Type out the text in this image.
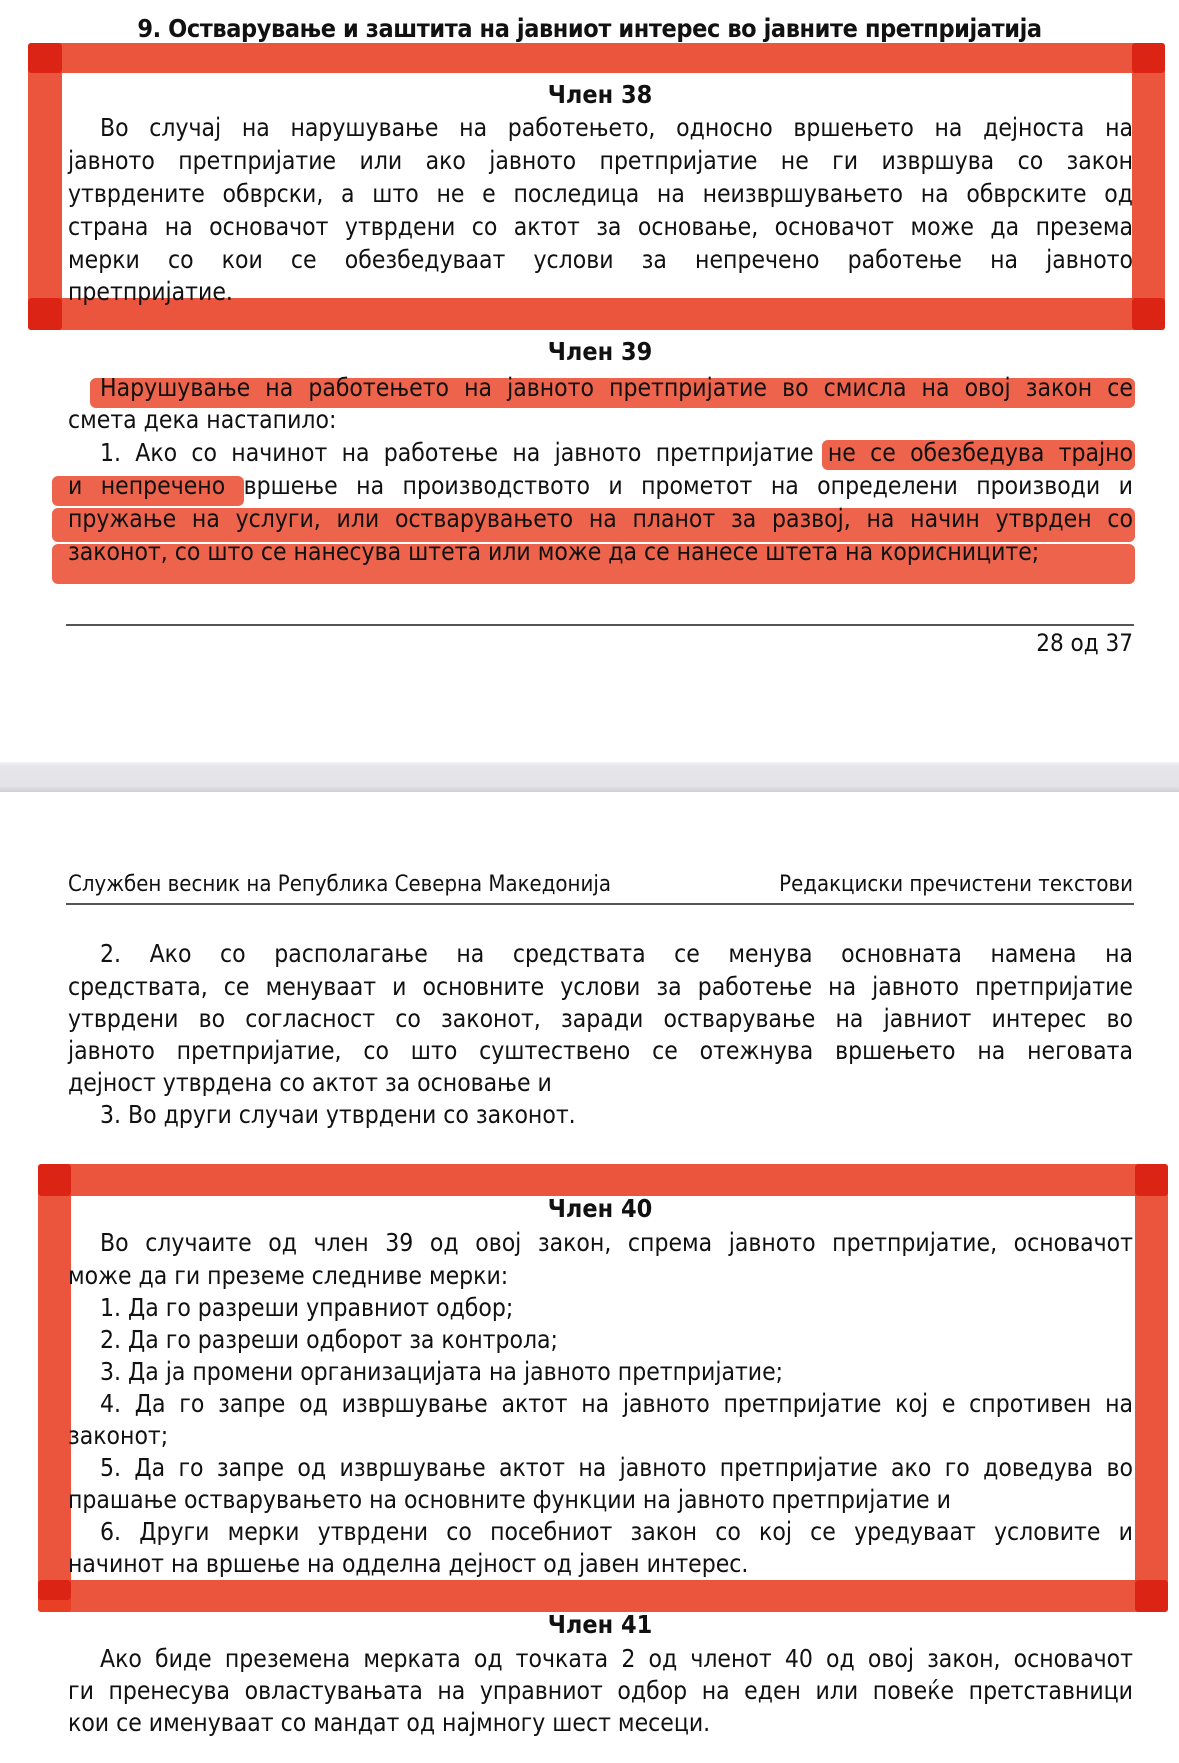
9. Остварување и заштита на јавниот интерес во јавните претпријатија
Член 38
Во случај на нарушување на работењето, односно вршењето на дејноста на
јавното претпријатие или ако јавното претпријатие не ги извршува со закон
утврдените обврски, а што не е последица на неизвршувањето на обврските од
страна на основачот утврдени со актот за основање, основачот може да презема
мерки со кои се обезбедуваат услови за непречено работење на јавното
претпријатие.
Член 39
Нарушување на работењето на јавното претпријатие во смисла на овој закон се
смета дека настапило:
1. Ако со начинот на работење на јавното претпријатие не се обезбедува трајно
и непречено вршење на производството и прометот на определени производи и
пружање на услуги, или остварувањето на планот за развој, на начин утврден со
законот, со што се нанесува штета или може да се нанесе штета на корисниците;
28 од 37
Службен весник на Република Северна Македонија	Редакциски пречистени текстови
2. Ако со располагање на средствата се менува основната намена на
средствата, се менуваат и основните услови за работење на јавното претпријатие
утврдени во согласност со законот, заради остварување на јавниот интерес во
јавното претпријатие, со што суштествено се отежнува вршењето на неговата
дејност утврдена со актот за основање и
3. Во други случаи утврдени со законот.
Член 40
Во случаите од член 39 од овој закон, спрема јавното претпријатие, основачот
може да ги преземе следниве мерки:
1. Да го разреши управниот одбор;
2. Да го разреши одборот за контрола;
3. Да ја промени организацијата на јавното претпријатие;
4. Да го запре од извршување актот на јавното претпријатие кој е спротивен на
законот;
5. Да го запре од извршување актот на јавното претпријатие ако го доведува во
прашање остварувањето на основните функции на јавното претпријатие и
6. Други мерки утврдени со посебниот закон со кој се уредуваат условите и
начинот на вршење на одделна дејност од јавен интерес.
Член 41
Ако биде преземена мерката од точката 2 од членот 40 од овој закон, основачот
ги пренесува овластувањата на управниот одбор на еден или повеќе претставници
кои се именуваат со мандат од најмногу шест месеци.
